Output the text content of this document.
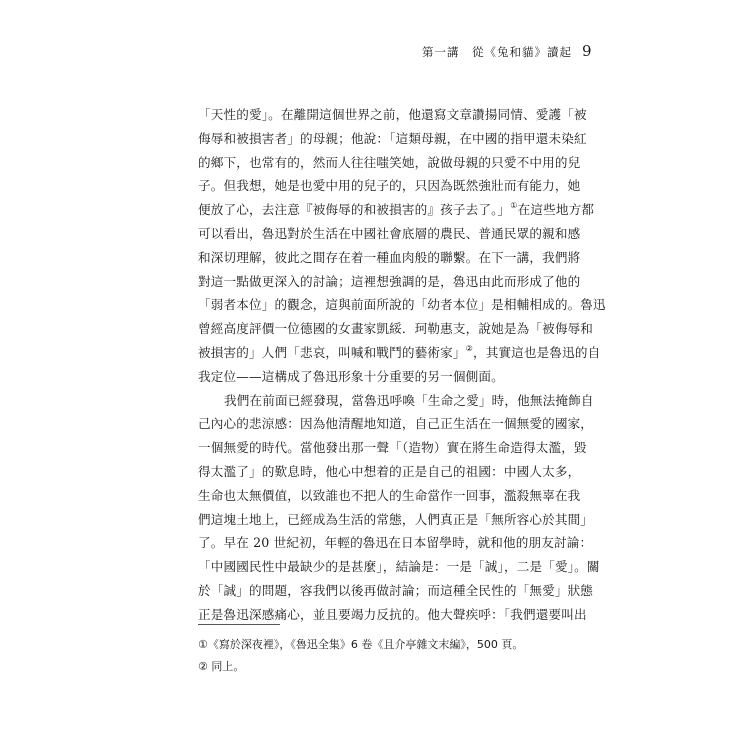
第一講　從《兔和貓》讀起 9
「天性的愛」。在離開這個世界之前，他還寫文章讚揚同情、愛護「被
侮辱和被損害者」的母親；他說：「這類母親，在中國的指甲還未染紅
的鄉下，也常有的，然而人往往嗤笑她，說做母親的只愛不中用的兒
子。但我想，她是也愛中用的兒子的，只因為既然強壯而有能力，她
便放了心，去注意『被侮辱的和被損害的』孩子去了。」①在這些地方都
可以看出，魯迅對於生活在中國社會底層的農民、普通民眾的親和感
和深切理解，彼此之間存在着一種血肉般的聯繫。在下一講，我們將
對這一點做更深入的討論；這裡想強調的是，魯迅由此而形成了他的
「弱者本位」的觀念，這與前面所說的「幼者本位」是相輔相成的。魯迅
曾經高度評價一位德國的女畫家凱綏．珂勒惠支，說她是為「被侮辱和
被損害的」人們「悲哀，叫喊和戰鬥的藝術家」②，其實這也是魯迅的自
我定位——這構成了魯迅形象十分重要的另一個側面。
我們在前面已經發現，當魯迅呼喚「生命之愛」時，他無法掩飾自
己內心的悲涼感：因為他清醒地知道，自己正生活在一個無愛的國家，
一個無愛的時代。當他發出那一聲「（造物）實在將生命造得太濫，毀
得太濫了」的歎息時，他心中想着的正是自己的祖國：中國人太多，
生命也太無價值，以致誰也不把人的生命當作一回事，濫殺無辜在我
們這塊土地上，已經成為生活的常態，人們真正是「無所容心於其間」
了。早在 20 世紀初，年輕的魯迅在日本留學時，就和他的朋友討論：
「中國國民性中最缺少的是甚麼」，結論是：一是「誠」，二是「愛」。關
於「誠」的問題，容我們以後再做討論；而這種全民性的「無愛」狀態
正是魯迅深感痛心，並且要竭力反抗的。他大聲疾呼：「我們還要叫出
①《寫於深夜裡》，《魯迅全集》6 卷《且介亭雜文末編》，500 頁。
② 同上。
